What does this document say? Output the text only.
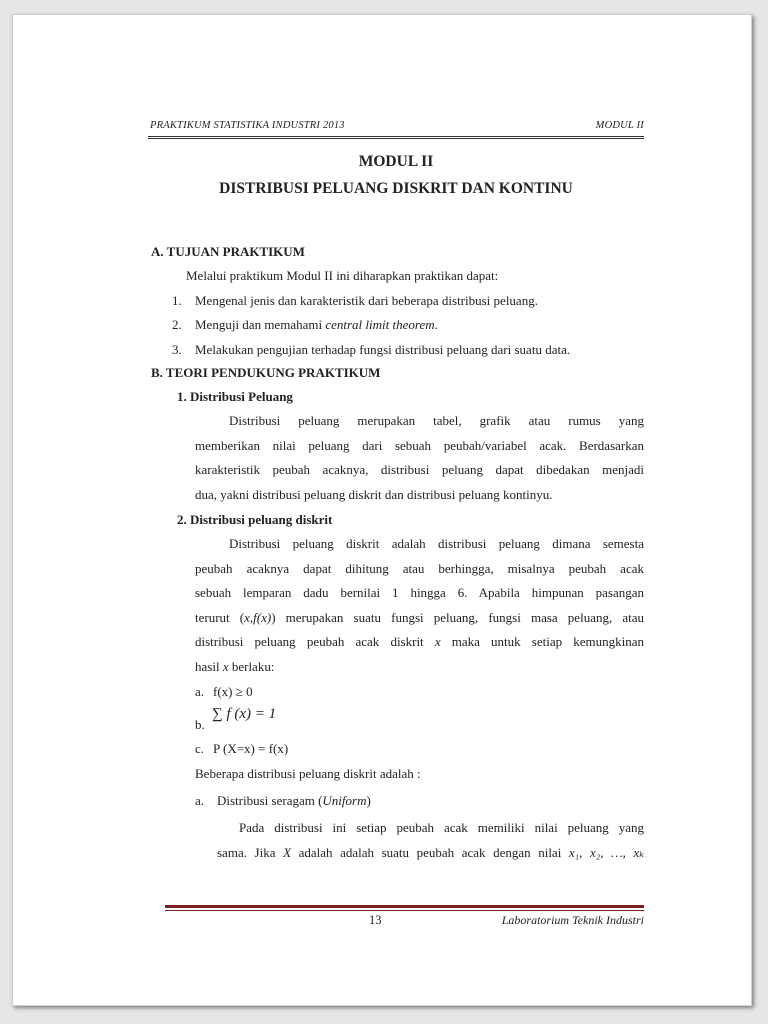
PRAKTIKUM STATISTIKA INDUSTRI 2013	MODUL II
MODUL II
DISTRIBUSI PELUANG DISKRIT DAN KONTINU
A. TUJUAN PRAKTIKUM
Melalui praktikum Modul II ini diharapkan praktikan dapat:
1. Mengenal jenis dan karakteristik dari beberapa distribusi peluang.
2. Menguji dan memahami central limit theorem.
3. Melakukan pengujian terhadap fungsi distribusi peluang dari suatu data.
B. TEORI PENDUKUNG PRAKTIKUM
1. Distribusi Peluang
Distribusi peluang merupakan tabel, grafik atau rumus yang
memberikan nilai peluang dari sebuah peubah/variabel acak. Berdasarkan
karakteristik peubah acaknya, distribusi peluang dapat dibedakan menjadi
dua, yakni distribusi peluang diskrit dan distribusi peluang kontinyu.
2. Distribusi peluang diskrit
Distribusi peluang diskrit adalah distribusi peluang dimana semesta
peubah acaknya dapat dihitung atau berhingga, misalnya peubah acak
sebuah lemparan dadu bernilai 1 hingga 6. Apabila himpunan pasangan
terurut (x,f(x)) merupakan suatu fungsi peluang, fungsi masa peluang, atau
distribusi peluang peubah acak diskrit x maka untuk setiap kemungkinan
hasil x berlaku:
a. f(x) ≥ 0
b.
∑ f (x) = 1
c. P (X=x) = f(x)
Beberapa distribusi peluang diskrit adalah :
a. Distribusi seragam (Uniform)
Pada distribusi ini setiap peubah acak memiliki nilai peluang yang
sama. Jika X adalah adalah suatu peubah acak dengan nilai x₁, x₂, …, xₖ
13	Laboratorium Teknik Industri
